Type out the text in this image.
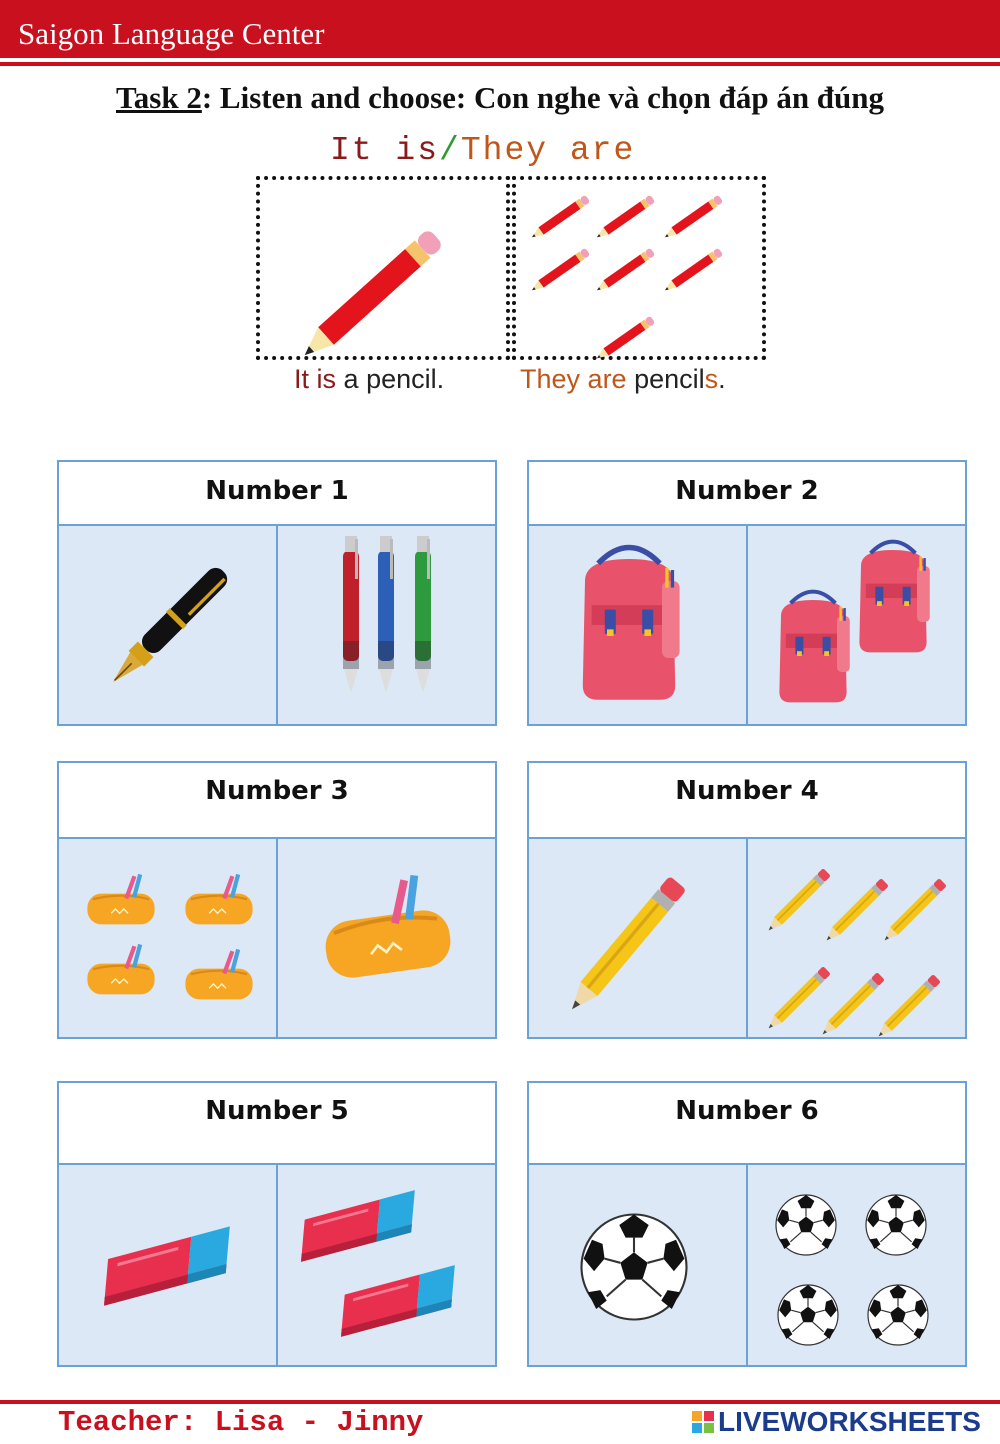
Saigon Language Center
Task 2: Listen and choose: Con nghe và chọn đáp án đúng
It is/They are
It is a pencil.	They are pencils.
Number 1	Number 2
Number 3	Number 4
Number 5	Number 6
Teacher: Lisa - Jinny	LIVEWORKSHEETS
